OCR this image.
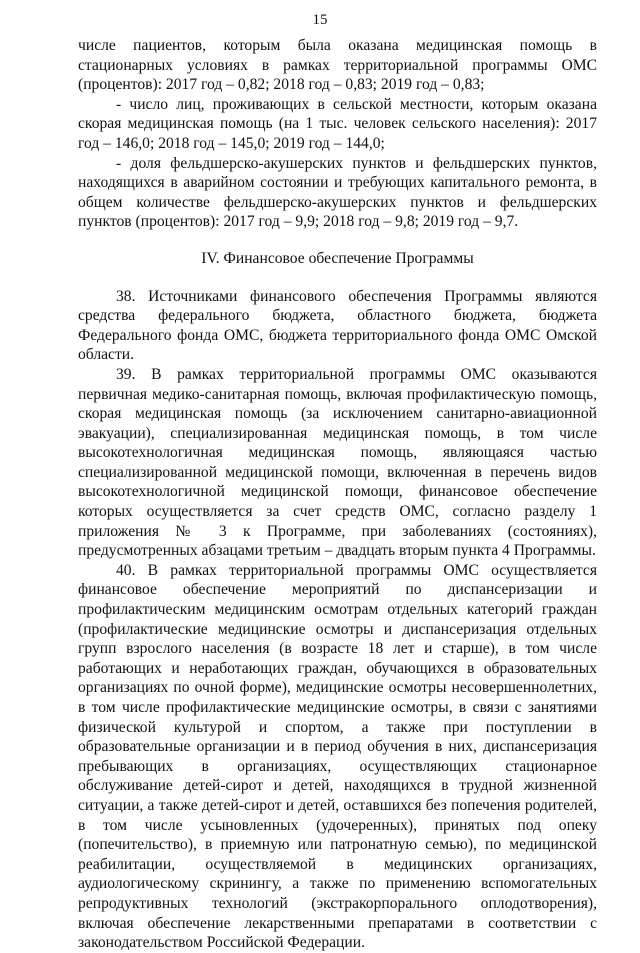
15

числе пациентов, которым была оказана медицинская помощь в стационарных условиях в рамках территориальной программы ОМС (процентов): 2017 год – 0,82; 2018 год – 0,83; 2019 год – 0,83;

- число лиц, проживающих в сельской местности, которым оказана скорая медицинская помощь (на 1 тыс. человек сельского населения): 2017 год – 146,0; 2018 год – 145,0; 2019 год – 144,0;

- доля фельдшерско-акушерских пунктов и фельдшерских пунктов, находящихся в аварийном состоянии и требующих капитального ремонта, в общем количестве фельдшерско-акушерских пунктов и фельдшерских пунктов (процентов): 2017 год – 9,9; 2018 год – 9,8; 2019 год – 9,7.

IV. Финансовое обеспечение Программы

38. Источниками финансового обеспечения Программы являются средства федерального бюджета, областного бюджета, бюджета Федерального фонда ОМС, бюджета территориального фонда ОМС Омской области.

39. В рамках территориальной программы ОМС оказываются первичная медико-санитарная помощь, включая профилактическую помощь, скорая медицинская помощь (за исключением санитарно-авиационной эвакуации), специализированная медицинская помощь, в том числе высокотехнологичная медицинская помощь, являющаяся частью специализированной медицинской помощи, включенная в перечень видов высокотехнологичной медицинской помощи, финансовое обеспечение которых осуществляется за счет средств ОМС, согласно разделу 1 приложения № 3 к Программе, при заболеваниях (состояниях), предусмотренных абзацами третьим – двадцать вторым пункта 4 Программы.

40. В рамках территориальной программы ОМС осуществляется финансовое обеспечение мероприятий по диспансеризации и профилактическим медицинским осмотрам отдельных категорий граждан (профилактические медицинские осмотры и диспансеризация отдельных групп взрослого населения (в возрасте 18 лет и старше), в том числе работающих и неработающих граждан, обучающихся в образовательных организациях по очной форме), медицинские осмотры несовершеннолетних, в том числе профилактические медицинские осмотры, в связи с занятиями физической культурой и спортом, а также при поступлении в образовательные организации и в период обучения в них, диспансеризация пребывающих в организациях, осуществляющих стационарное обслуживание детей-сирот и детей, находящихся в трудной жизненной ситуации, а также детей-сирот и детей, оставшихся без попечения родителей, в том числе усыновленных (удочеренных), принятых под опеку (попечительство), в приемную или патронатную семью), по медицинской реабилитации, осуществляемой в медицинских организациях, аудиологическому скринингу, а также по применению вспомогательных репродуктивных технологий (экстракорпорального оплодотворения), включая обеспечение лекарственными препаратами в соответствии с законодательством Российской Федерации.
